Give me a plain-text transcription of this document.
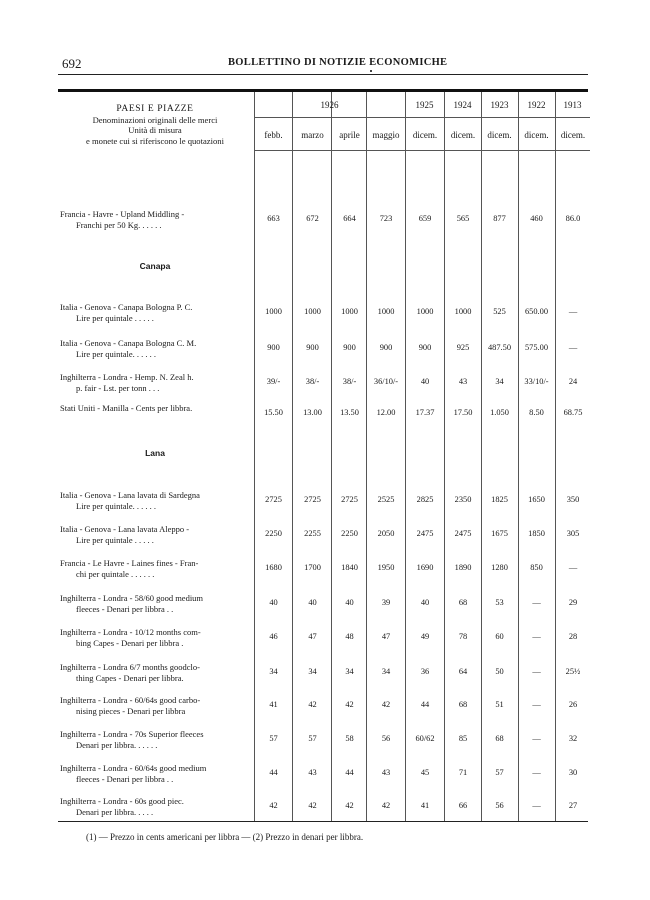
692	BOLLETTINO DI NOTIZIE ECONOMICHE
PAESI E PIAZZE
Denominazioni originali delle merci
Unità di misura
e monete cui si riferiscono le quotazioni
1926	1925	1924	1923	1922	1913
febb.	marzo	aprile	maggio	dicem.	dicem.	dicem.	dicem.	dicem.
Canapa
Lana
Francia - Havre - Upland Middling -
Franchi per 50 Kg. . . . . .
663	672	664	723	659	565	877	460	86.0
Italia - Genova - Canapa Bologna P. C.
Lire per quintale . . . . .
1000	1000	1000	1000	1000	1000	525	650.00	—
Italia - Genova - Canapa Bologna C. M.
Lire per quintale. . . . . .
900	900	900	900	900	925	487.50	575.00	—
Inghilterra - Londra - Hemp. N. Zeal h.
p. fair - Lst. per tonn . . .
39/-	38/-	38/-	36/10/-	40	43	34	33/10/-	24
Stati Uniti - Manilla - Cents per libbra.	15.50	13.00	13.50	12.00	17.37	17.50	1.050	8.50	68.75
Italia - Genova - Lana lavata di Sardegna
Lire per quintale. . . . . .
2725	2725	2725	2525	2825	2350	1825	1650	350
Italia - Genova - Lana lavata Aleppo -
Lire per quintale . . . . .
2250	2255	2250	2050	2475	2475	1675	1850	305
Francia - Le Havre - Laines fines - Fran-
chi per quintale . . . . . .
1680	1700	1840	1950	1690	1890	1280	850	—
Inghilterra - Londra - 58/60 good medium
fleeces - Denari per libbra . .
40	40	40	39	40	68	53	—	29
Inghilterra - Londra - 10/12 months com-
bing Capes - Denari per libbra .
46	47	48	47	49	78	60	—	28
Inghilterra - Londra 6/7 months goodclo-
thing Capes - Denari per libbra.
34	34	34	34	36	64	50	—	25½
Inghilterra - Londra - 60/64s good carbo-
nising pieces - Denari per libbra
41	42	42	42	44	68	51	—	26
Inghilterra - Londra - 70s Superior fleeces
Denari per libbra. . . . . .
57	57	58	56	60/62	85	68	—	32
Inghilterra - Londra - 60/64s good medium
fleeces - Denari per libbra . .
44	43	44	43	45	71	57	—	30
Inghilterra - Londra - 60s good piec.
Denari per libbra. . . . .
42	42	42	42	41	66	56	—	27
(1) — Prezzo in cents americani per libbra — (2) Prezzo in denari per libbra.
